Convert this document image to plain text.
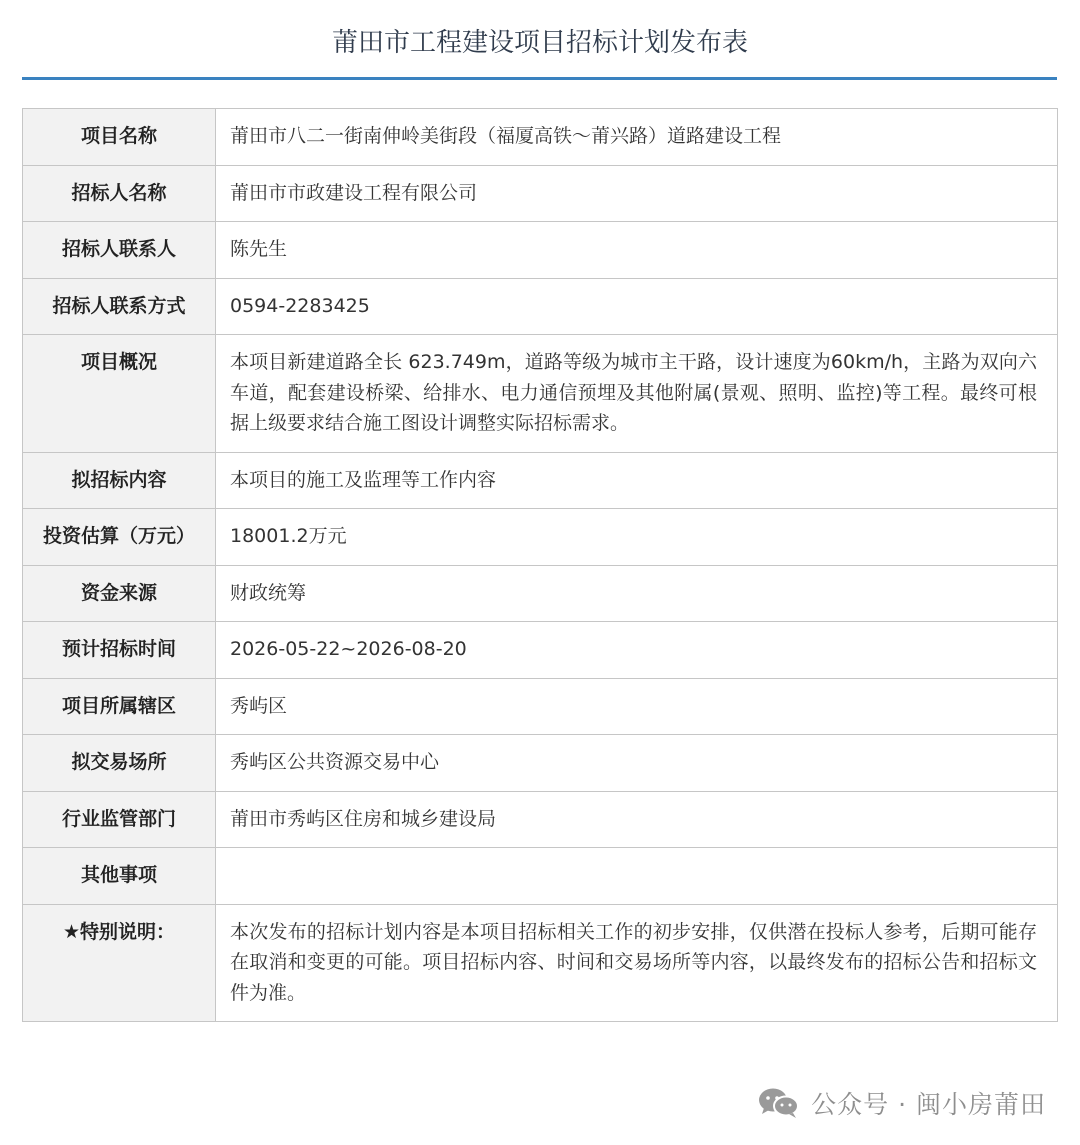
莆田市工程建设项目招标计划发布表
项目名称	莆田市八二一街南伸岭美街段（福厦高铁～莆兴路）道路建设工程
招标人名称	莆田市市政建设工程有限公司
招标人联系人	陈先生
招标人联系方式	0594-2283425
项目概况	本项目新建道路全长 623.749m，道路等级为城市主干路，设计速度为60km/h，主路为双向六车道，配套建设桥梁、给排水、电力通信预埋及其他附属(景观、照明、监控)等工程。最终可根据上级要求结合施工图设计调整实际招标需求。
拟招标内容	本项目的施工及监理等工作内容
投资估算（万元）	18001.2万元
资金来源	财政统筹
预计招标时间	2026-05-22~2026-08-20
项目所属辖区	秀屿区
拟交易场所	秀屿区公共资源交易中心
行业监管部门	莆田市秀屿区住房和城乡建设局
其他事项	
★特别说明：	本次发布的招标计划内容是本项目招标相关工作的初步安排，仅供潜在投标人参考，后期可能存在取消和变更的可能。项目招标内容、时间和交易场所等内容，以最终发布的招标公告和招标文件为准。
公众号 · 闽小房莆田
